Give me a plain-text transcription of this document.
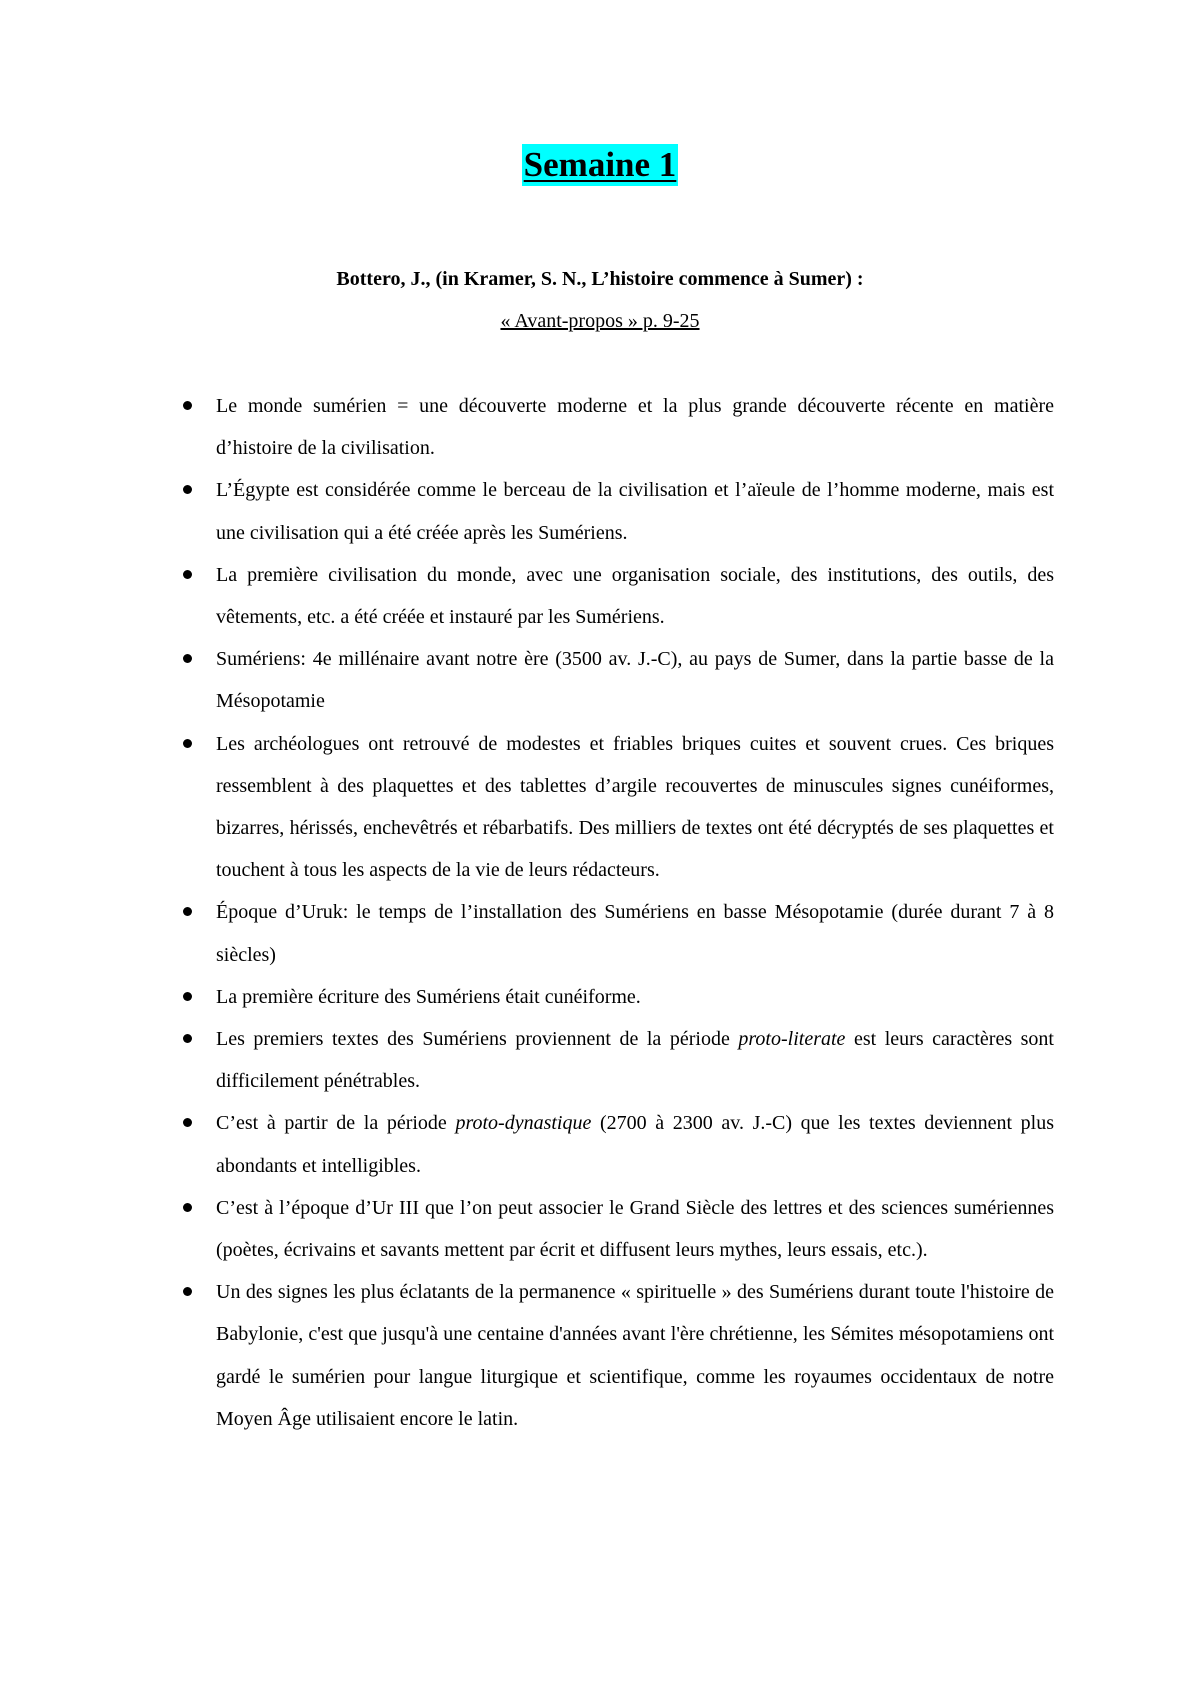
Semaine 1
Bottero, J., (in Kramer, S. N., L’histoire commence à Sumer) :
« Avant-propos » p. 9-25
Le monde sumérien = une découverte moderne et la plus grande découverte récente en matière d’histoire de la civilisation.
L’Égypte est considérée comme le berceau de la civilisation et l’aïeule de l’homme moderne, mais est une civilisation qui a été créée après les Sumériens.
La première civilisation du monde, avec une organisation sociale, des institutions, des outils, des vêtements, etc. a été créée et instauré par les Sumériens.
Sumériens: 4e millénaire avant notre ère (3500 av. J.-C), au pays de Sumer, dans la partie basse de la Mésopotamie
Les archéologues ont retrouvé de modestes et friables briques cuites et souvent crues. Ces briques ressemblent à des plaquettes et des tablettes d’argile recouvertes de minuscules signes cunéiformes, bizarres, hérissés, enchevêtrés et rébarbatifs. Des milliers de textes ont été décryptés de ses plaquettes et touchent à tous les aspects de la vie de leurs rédacteurs.
Époque d’Uruk: le temps de l’installation des Sumériens en basse Mésopotamie (durée durant 7 à 8 siècles)
La première écriture des Sumériens était cunéiforme.
Les premiers textes des Sumériens proviennent de la période proto-literate est leurs caractères sont difficilement pénétrables.
C’est à partir de la période proto-dynastique (2700 à 2300 av. J.-C) que les textes deviennent plus abondants et intelligibles.
C’est à l’époque d’Ur III que l’on peut associer le Grand Siècle des lettres et des sciences sumériennes (poètes, écrivains et savants mettent par écrit et diffusent leurs mythes, leurs essais, etc.).
Un des signes les plus éclatants de la permanence « spirituelle » des Sumériens durant toute l'histoire de Babylonie, c'est que jusqu'à une centaine d'années avant l'ère chrétienne, les Sémites mésopotamiens ont gardé le sumérien pour langue liturgique et scientifique, comme les royaumes occidentaux de notre Moyen Âge utilisaient encore le latin.
